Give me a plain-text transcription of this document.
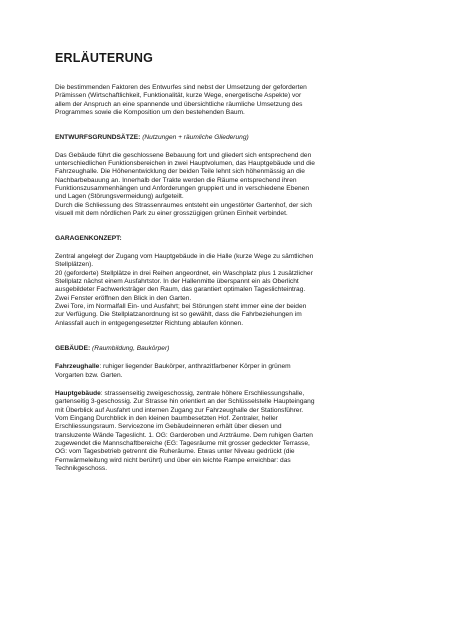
ERLÄUTERUNG

Die bestimmenden Faktoren des Entwurfes sind nebst der Umsetzung der geforderten

Prämissen (Wirtschaftlichkeit, Funktionalität, kurze Wege, energetische Aspekte) vor

allem der Anspruch an eine spannende und übersichtliche räumliche Umsetzung des

Programmes sowie die Komposition um den bestehenden Baum.

ENTWURFSGRUNDSÄTZE: (Nutzungen + räumliche Gliederung)

Das Gebäude führt die geschlossene Bebauung fort und gliedert sich entsprechend den

unterschiedlichen Funktionsbereichen in zwei Hauptvolumen, das Hauptgebäude und die

Fahrzeughalle. Die Höhenentwicklung der beiden Teile lehnt sich höhenmässig an die

Nachbarbebauung an. Innerhalb der Trakte werden die Räume entsprechend ihren

Funktionszusammenhängen und Anforderungen gruppiert und in verschiedene Ebenen

und Lagen (Störungsvermeidung) aufgeteilt.

Durch die Schliessung des Strassenraumes entsteht ein ungestörter Gartenhof, der sich

visuell mit dem nördlichen Park zu einer grosszügigen grünen Einheit verbindet.

GARAGENKONZEPT:

Zentral angelegt der Zugang vom Hauptgebäude in die Halle (kurze Wege zu sämtlichen

Stellplätzen).

20 (geforderte) Stellplätze in drei Reihen angeordnet, ein Waschplatz plus 1 zusätzlicher

Stellplatz nächst einem Ausfahrtstor. In der Hallenmitte überspannt ein als Oberlicht

ausgebildeter Fachwerksträger den Raum, das garantiert optimalen Tageslichteintrag.

Zwei Fenster eröffnen den Blick in den Garten.

Zwei Tore, im Normalfall Ein- und Ausfahrt; bei Störungen steht immer eine der beiden

zur Verfügung. Die Stellplatzanordnung ist so gewählt, dass die Fahrbeziehungen im

Anlassfall auch in entgegengesetzter Richtung ablaufen können.

GEBÄUDE: (Raumbildung, Baukörper)

Fahrzeughalle: ruhiger liegender Baukörper, anthrazitfarbener Körper in grünem

Vorgarten bzw. Garten.

Hauptgebäude: strassenseitig zweigeschossig, zentrale höhere Erschliessungshalle,

gartenseitig 3-geschossig. Zur Strasse hin orientiert an der Schlüsselstelle Haupteingang

mit Überblick auf Ausfahrt und internen Zugang zur Fahrzeughalle der Stationsführer.

Vom Eingang Durchblick in den kleinen baumbesetzten Hof. Zentraler, heller

Erschliessungsraum. Servicezone im Gebäudeinneren erhält über diesen und

transluzente Wände Tageslicht. 1. OG: Garderoben und Arzträume. Dem ruhigen Garten

zugewendet die Mannschaftbereiche (EG: Tagesräume mit grosser gedeckter Terrasse,

OG: vom Tagesbetrieb getrennt die Ruheräume. Etwas unter Niveau gedrückt (die

Fernwärmeleitung wird nicht berührt) und über ein leichte Rampe erreichbar: das

Technikgeschoss.
